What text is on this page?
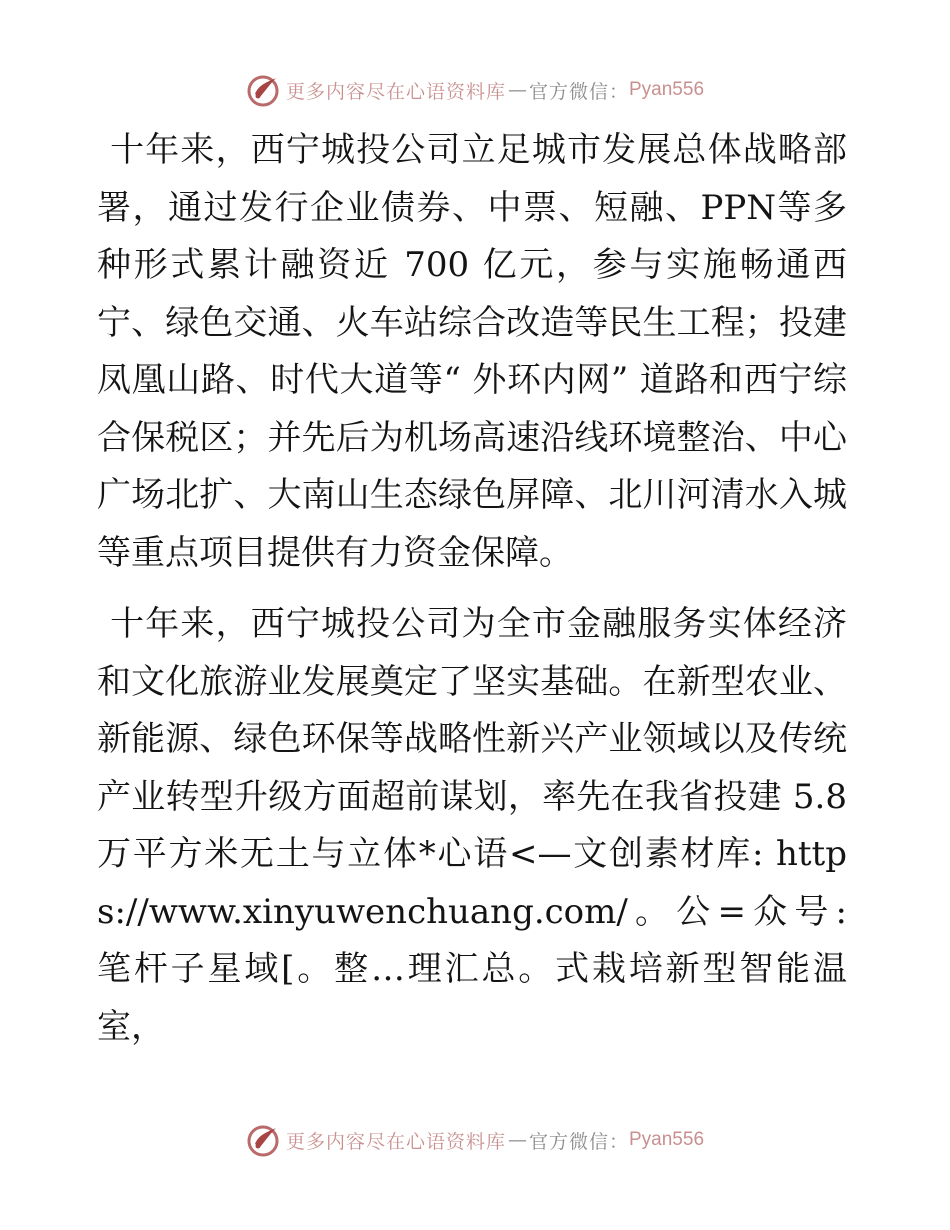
更多内容尽在心语资料库 — 官方微信： Pyan556

十年来，西宁城投公司立足城市发展总体战略部署，通过发行企业债券、中票、短融、PPN等多种形式累计融资近 700 亿元，参与实施畅通西宁、绿色交通、火车站综合改造等民生工程；投建凤凰山路、时代大道等“ 外环内网” 道路和西宁综合保税区；并先后为机场高速沿线环境整治、中心广场北扩、大南山生态绿色屏障、北川河清水入城等重点项目提供有力资金保障。

十年来，西宁城投公司为全市金融服务实体经济和文化旅游业发展奠定了坚实基础。在新型农业、新能源、绿色环保等战略性新兴产业领域以及传统产业转型升级方面超前谋划，率先在我省投建 5.8 万平方米无土与立体*心语<—文创素材库: https://www.xinyuwenchuang.com/。公=众号: 笔杆子星域[。整…理汇总。式栽培新型智能温室，

更多内容尽在心语资料库 — 官方微信： Pyan556
